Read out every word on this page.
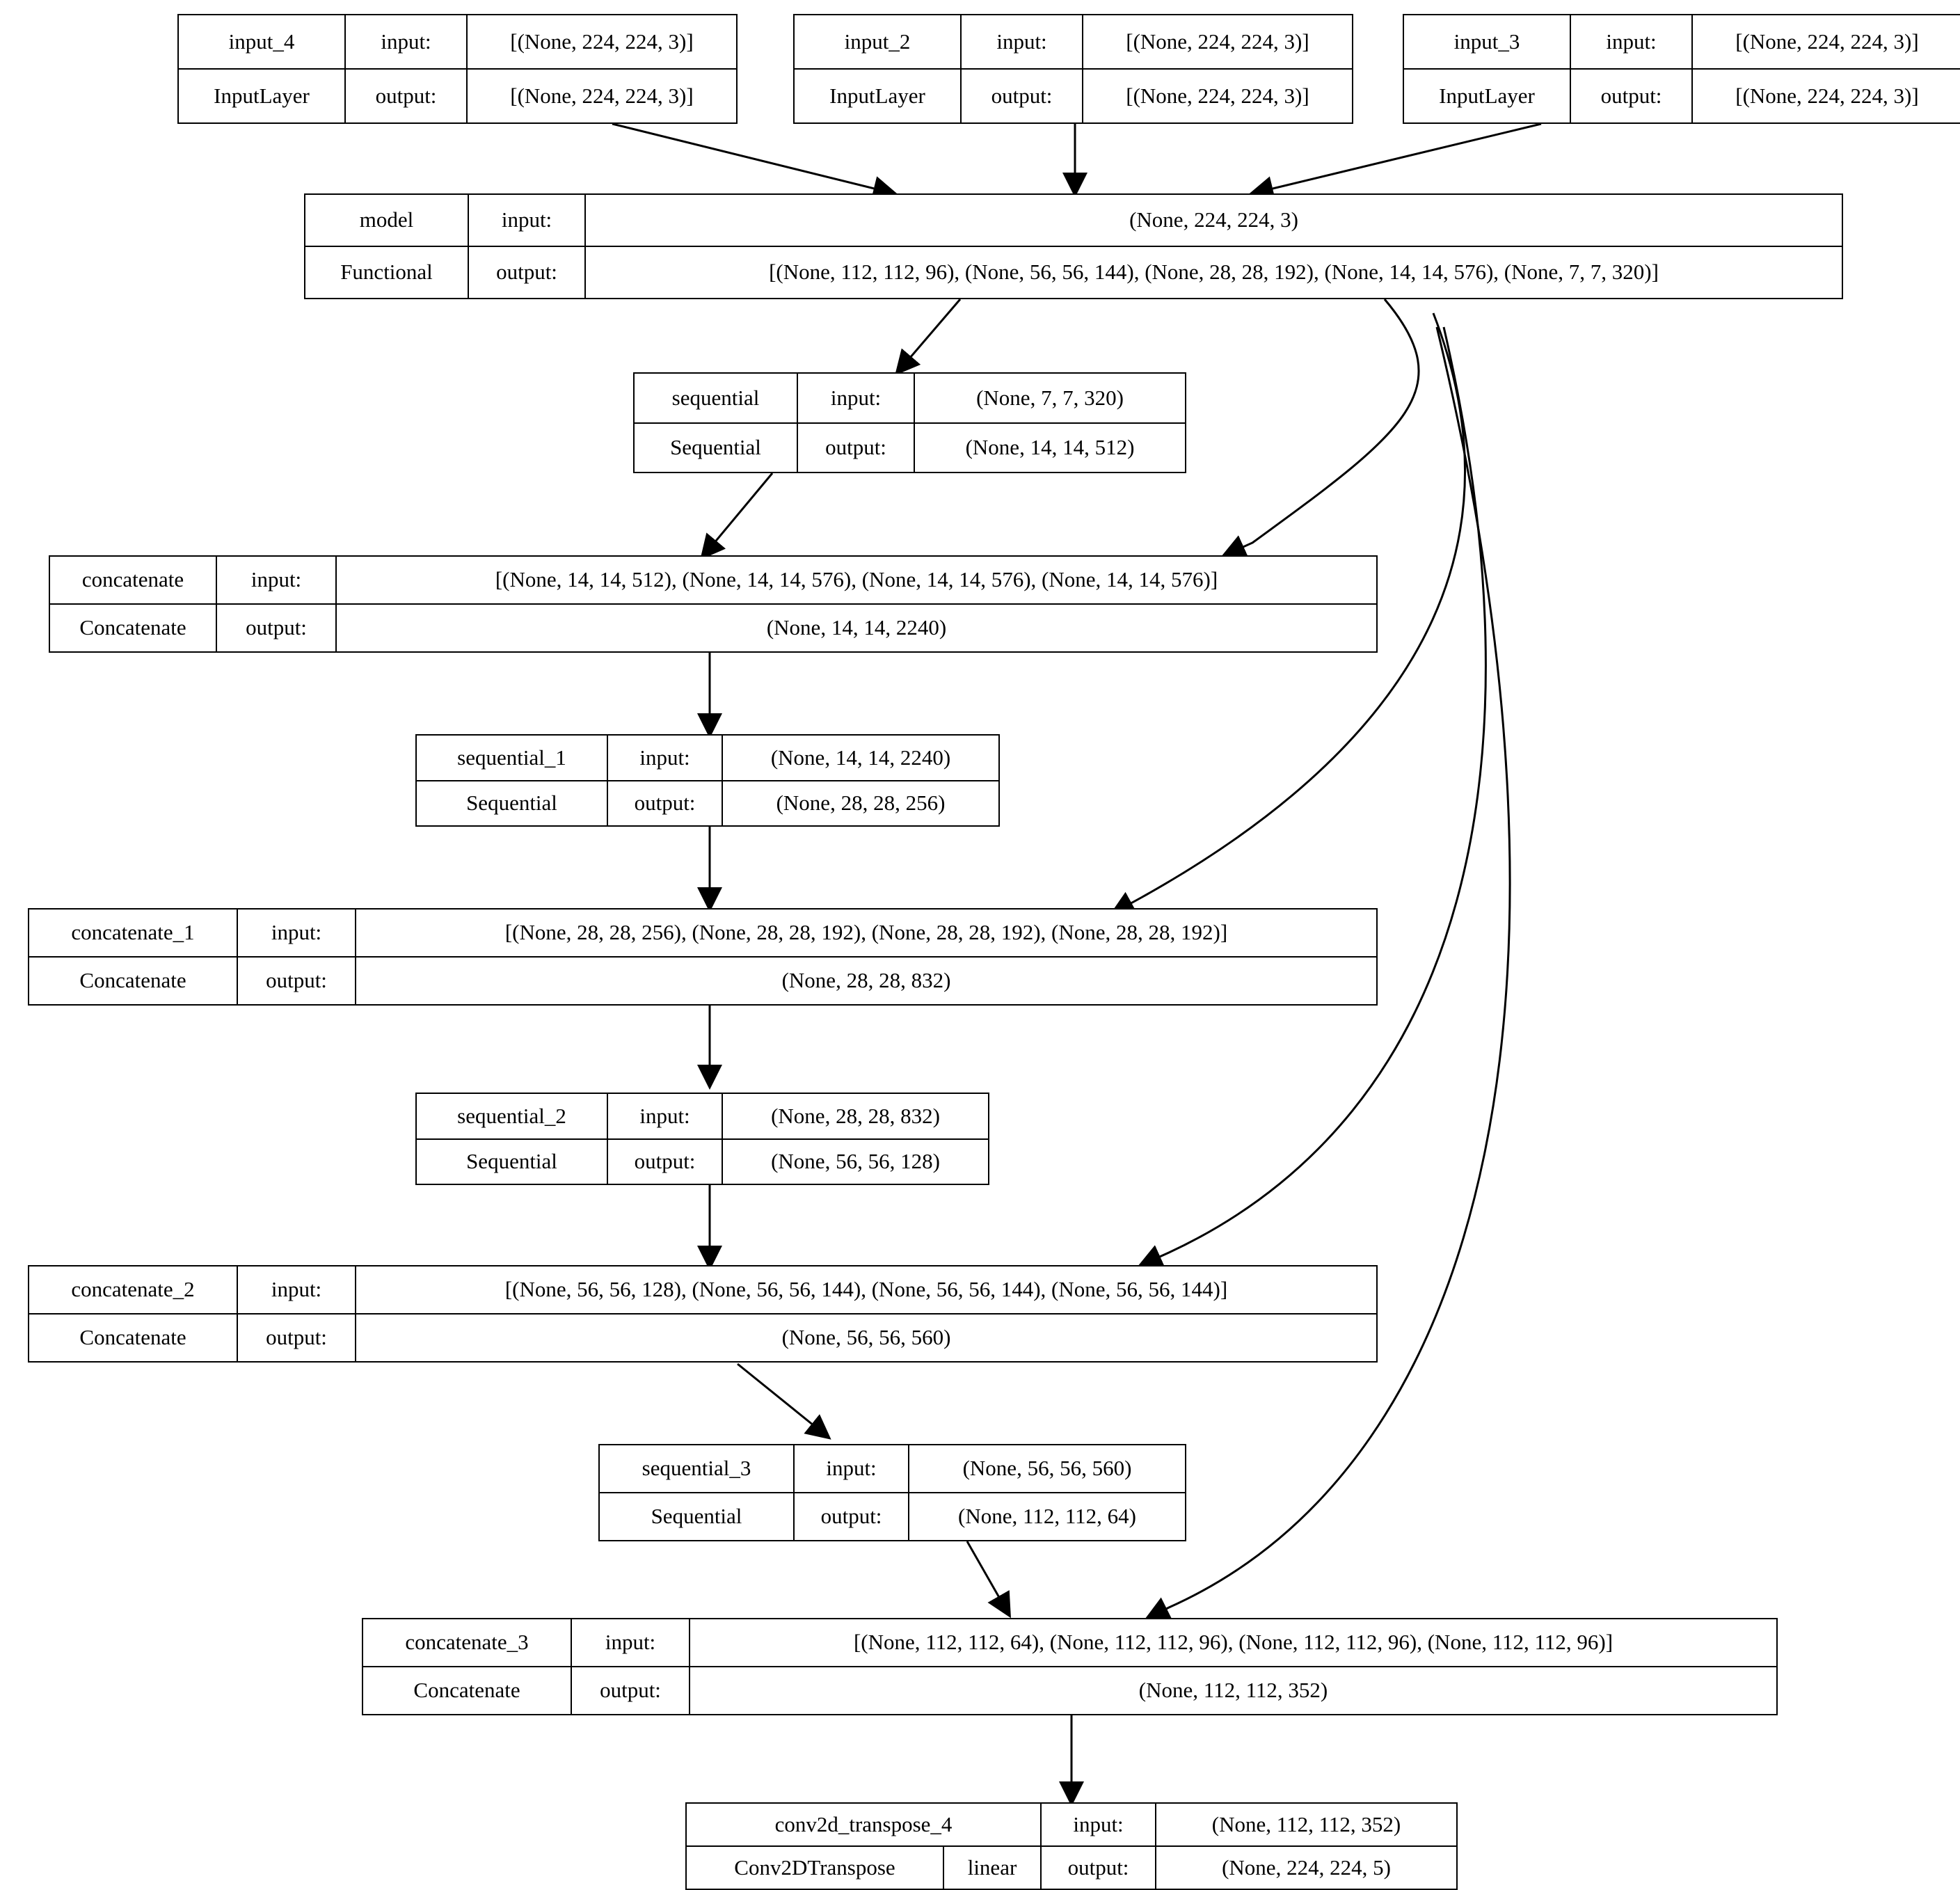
input_4	input:	[(None, 224, 224, 3)]
InputLayer	output:	[(None, 224, 224, 3)]
input_2	input:	[(None, 224, 224, 3)]
InputLayer	output:	[(None, 224, 224, 3)]
input_3	input:	[(None, 224, 224, 3)]
InputLayer	output:	[(None, 224, 224, 3)]
model	input:	(None, 224, 224, 3)
Functional	output:	[(None, 112, 112, 96), (None, 56, 56, 144), (None, 28, 28, 192), (None, 14, 14, 576), (None, 7, 7, 320)]
sequential	input:	(None, 7, 7, 320)
Sequential	output:	(None, 14, 14, 512)
concatenate	input:	[(None, 14, 14, 512), (None, 14, 14, 576), (None, 14, 14, 576), (None, 14, 14, 576)]
Concatenate	output:	(None, 14, 14, 2240)
sequential_1	input:	(None, 14, 14, 2240)
Sequential	output:	(None, 28, 28, 256)
concatenate_1	input:	[(None, 28, 28, 256), (None, 28, 28, 192), (None, 28, 28, 192), (None, 28, 28, 192)]
Concatenate	output:	(None, 28, 28, 832)
sequential_2	input:	(None, 28, 28, 832)
Sequential	output:	(None, 56, 56, 128)
concatenate_2	input:	[(None, 56, 56, 128), (None, 56, 56, 144), (None, 56, 56, 144), (None, 56, 56, 144)]
Concatenate	output:	(None, 56, 56, 560)
sequential_3	input:	(None, 56, 56, 560)
Sequential	output:	(None, 112, 112, 64)
concatenate_3	input:	[(None, 112, 112, 64), (None, 112, 112, 96), (None, 112, 112, 96), (None, 112, 112, 96)]
Concatenate	output:	(None, 112, 112, 352)
conv2d_transpose_4	input:	(None, 112, 112, 352)
Conv2DTranspose	linear	output:	(None, 224, 224, 5)
